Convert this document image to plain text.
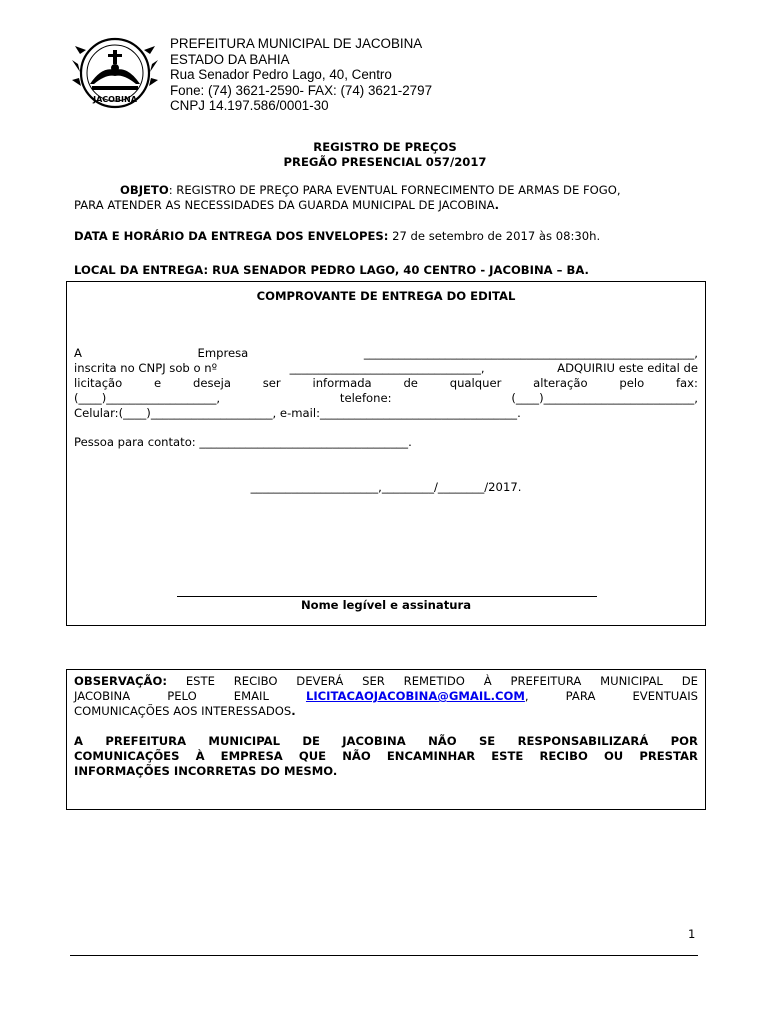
JACOBINA
PREFEITURA MUNICIPAL DE JACOBINA
ESTADO DA BAHIA
Rua Senador Pedro Lago, 40, Centro
Fone: (74) 3621-2590- FAX: (74) 3621-2797
CNPJ 14.197.586/0001-30
REGISTRO DE PREÇOS
PREGÃO PRESENCIAL 057/2017
OBJETO: REGISTRO DE PREÇO PARA EVENTUAL FORNECIMENTO DE ARMAS DE FOGO,
PARA ATENDER AS NECESSIDADES DA GUARDA MUNICIPAL DE JACOBINA.
DATA E HORÁRIO DA ENTREGA DOS ENVELOPES: 27 de setembro de 2017 às 08:30h.
LOCAL DA ENTREGA: RUA SENADOR PEDRO LAGO, 40 CENTRO - JACOBINA – BA.
COMPROVANTE DE ENTREGA DO EDITAL
A	Empresa	_________________________________________________________,
inscrita no CNPJ sob o nº	_________________________________,	ADQUIRIU este edital de
licitação	e	deseja	ser	informada	de	qualquer	alteração	pelo	fax:
(____)___________________,	telefone:	(____)__________________________,
Celular:(____)_____________________, e-mail:__________________________________.
Pessoa para contato: ____________________________________.
______________________,_________/________/2017.
Nome legível e assinatura
OBSERVAÇÃO: ESTE RECIBO DEVERÁ SER REMETIDO À PREFEITURA MUNICIPAL DE
JACOBINA	PELO	EMAIL	LICITACAOJACOBINA@GMAIL.COM,	PARA	EVENTUAIS
COMUNICAÇÕES AOS INTERESSADOS.
A PREFEITURA MUNICIPAL DE JACOBINA NÃO SE RESPONSABILIZARÁ POR
COMUNICAÇÕES À EMPRESA QUE NÃO ENCAMINHAR ESTE RECIBO OU PRESTAR
INFORMAÇÕES INCORRETAS DO MESMO.
1
